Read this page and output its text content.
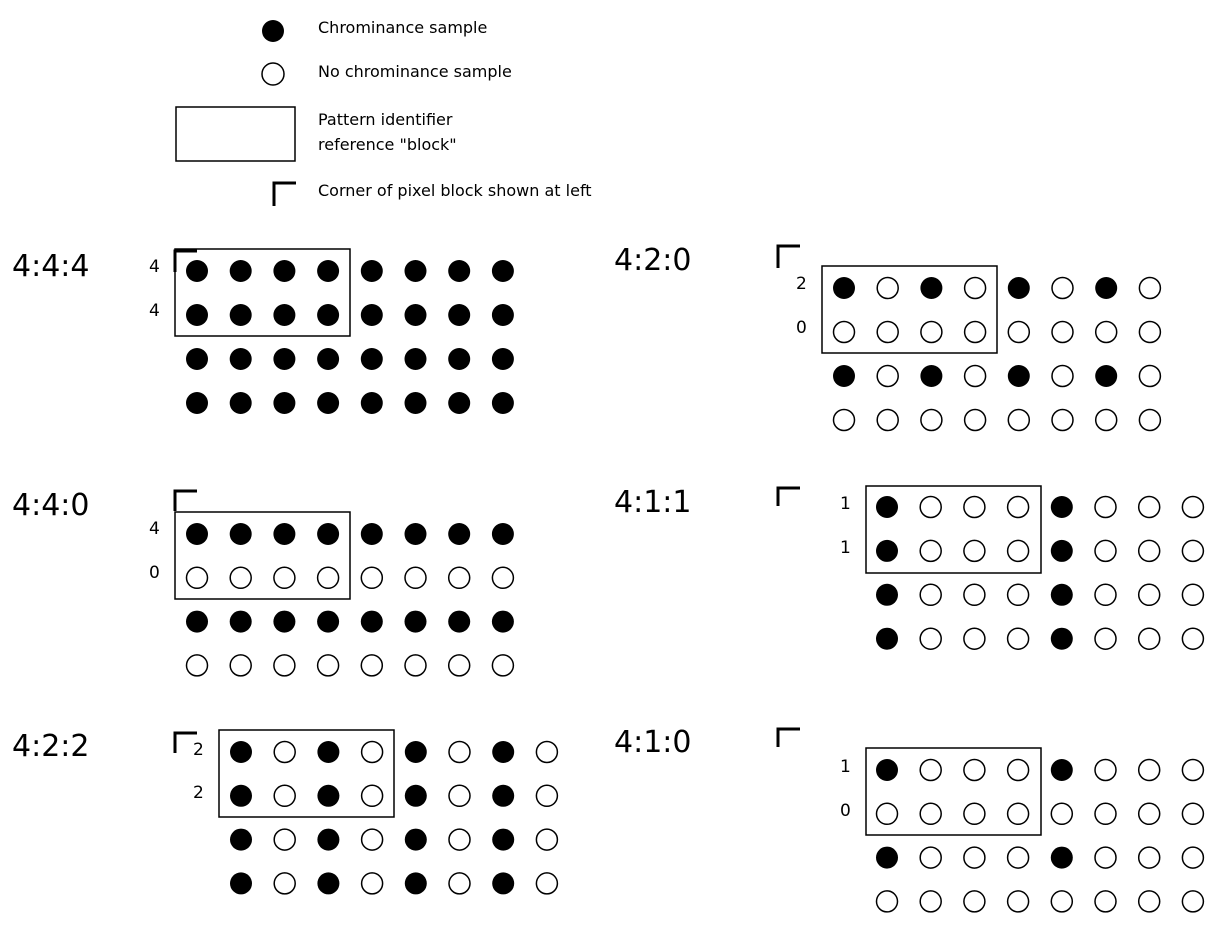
Chrominance sample
No chrominance sample
Pattern identifier
reference "block"
Corner of pixel block shown at left
4:4:4	4
4
4:4:0
4
0
4:2:2	2
2
4:2:0
2
0
4:1:1	1
1
4:1:0
1
0
